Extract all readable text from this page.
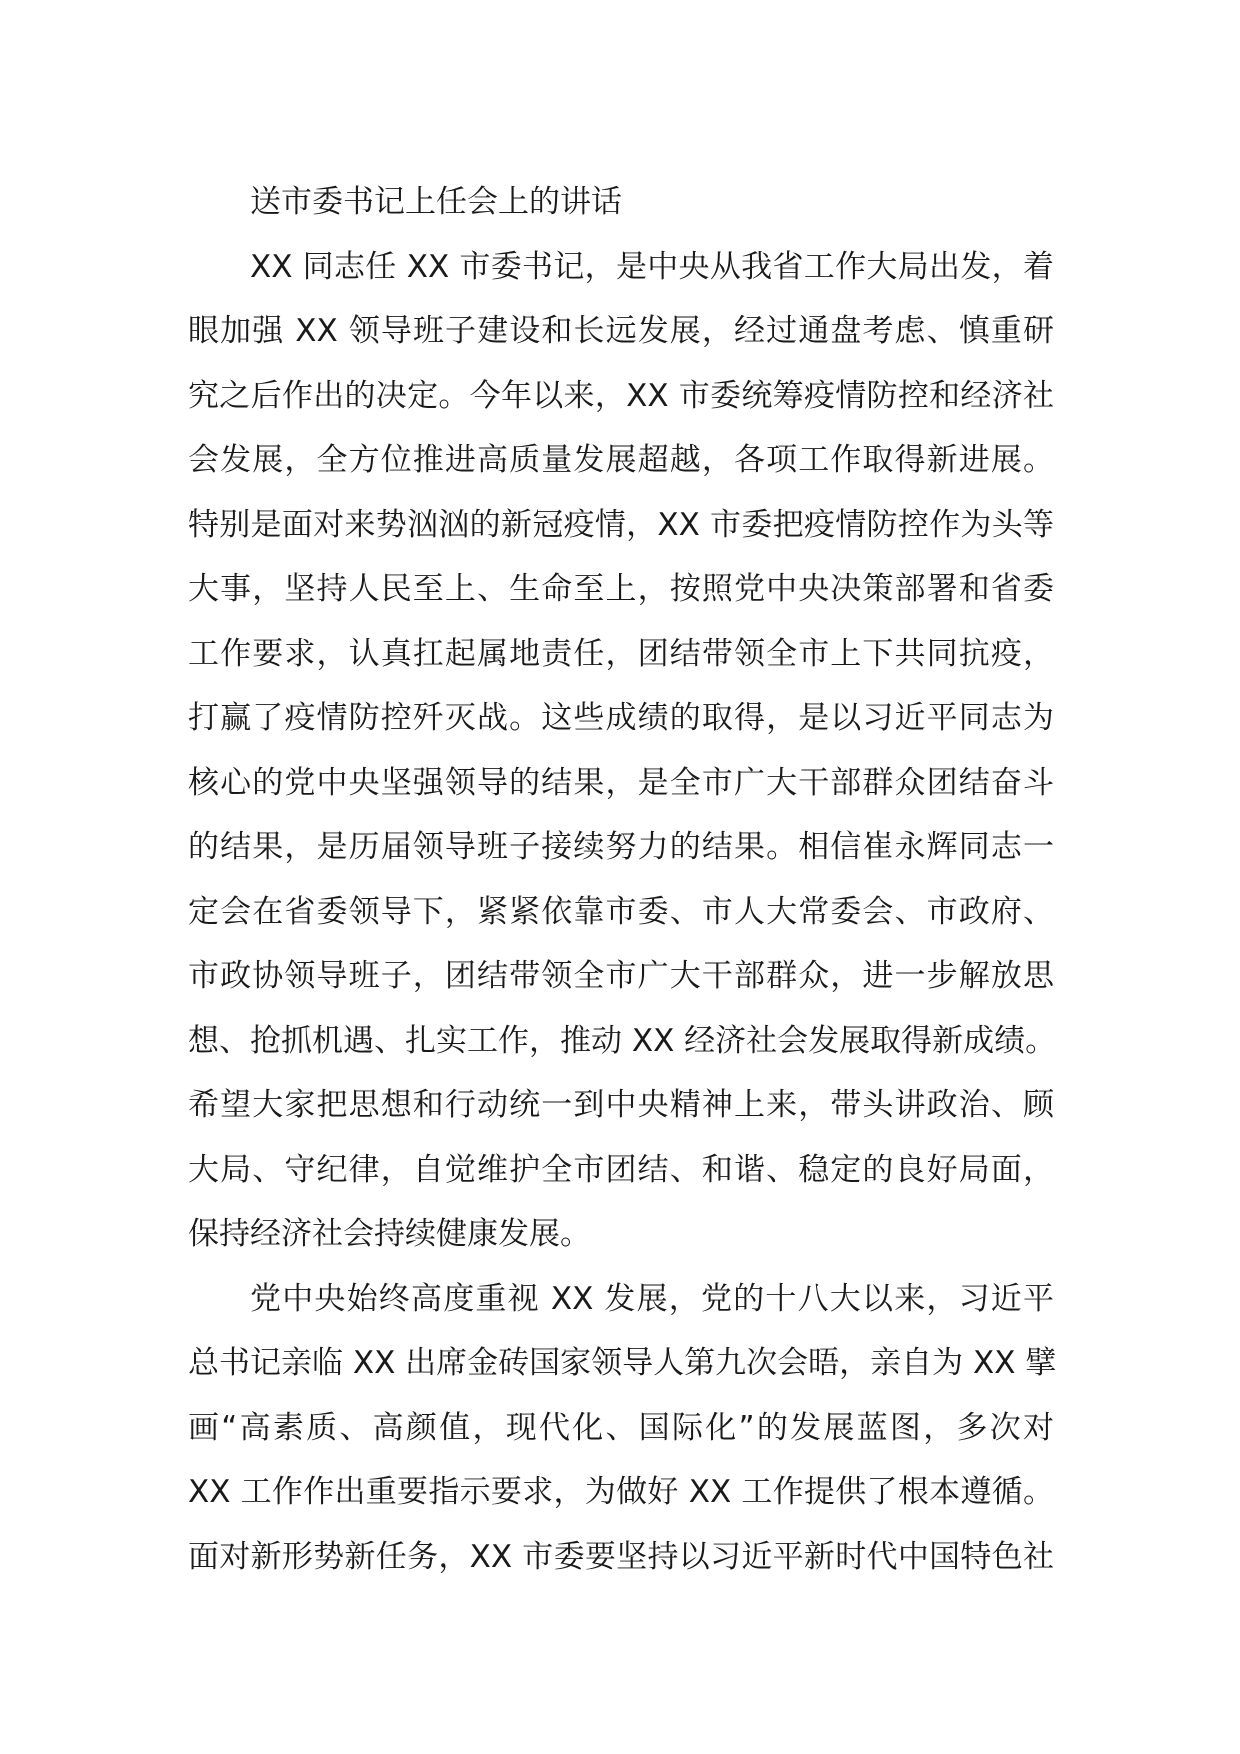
送市委书记上任会上的讲话
XX 同志任 XX 市委书记，是中央从我省工作大局出发，着
眼加强 XX 领导班子建设和长远发展，经过通盘考虑、慎重研
究之后作出的决定。今年以来，XX 市委统筹疫情防控和经济社
会发展，全方位推进高质量发展超越，各项工作取得新进展。
特别是面对来势汹汹的新冠疫情，XX 市委把疫情防控作为头等
大事，坚持人民至上、生命至上，按照党中央决策部署和省委
工作要求，认真扛起属地责任，团结带领全市上下共同抗疫，
打赢了疫情防控歼灭战。这些成绩的取得，是以习近平同志为
核心的党中央坚强领导的结果，是全市广大干部群众团结奋斗
的结果，是历届领导班子接续努力的结果。相信崔永辉同志一
定会在省委领导下，紧紧依靠市委、市人大常委会、市政府、
市政协领导班子，团结带领全市广大干部群众，进一步解放思
想、抢抓机遇、扎实工作，推动 XX 经济社会发展取得新成绩。
希望大家把思想和行动统一到中央精神上来，带头讲政治、顾
大局、守纪律，自觉维护全市团结、和谐、稳定的良好局面，
保持经济社会持续健康发展。
党中央始终高度重视 XX 发展，党的十八大以来，习近平
总书记亲临 XX 出席金砖国家领导人第九次会晤，亲自为 XX 擘
画“高素质、高颜值，现代化、国际化”的发展蓝图，多次对
XX 工作作出重要指示要求，为做好 XX 工作提供了根本遵循。
面对新形势新任务，XX 市委要坚持以习近平新时代中国特色社
